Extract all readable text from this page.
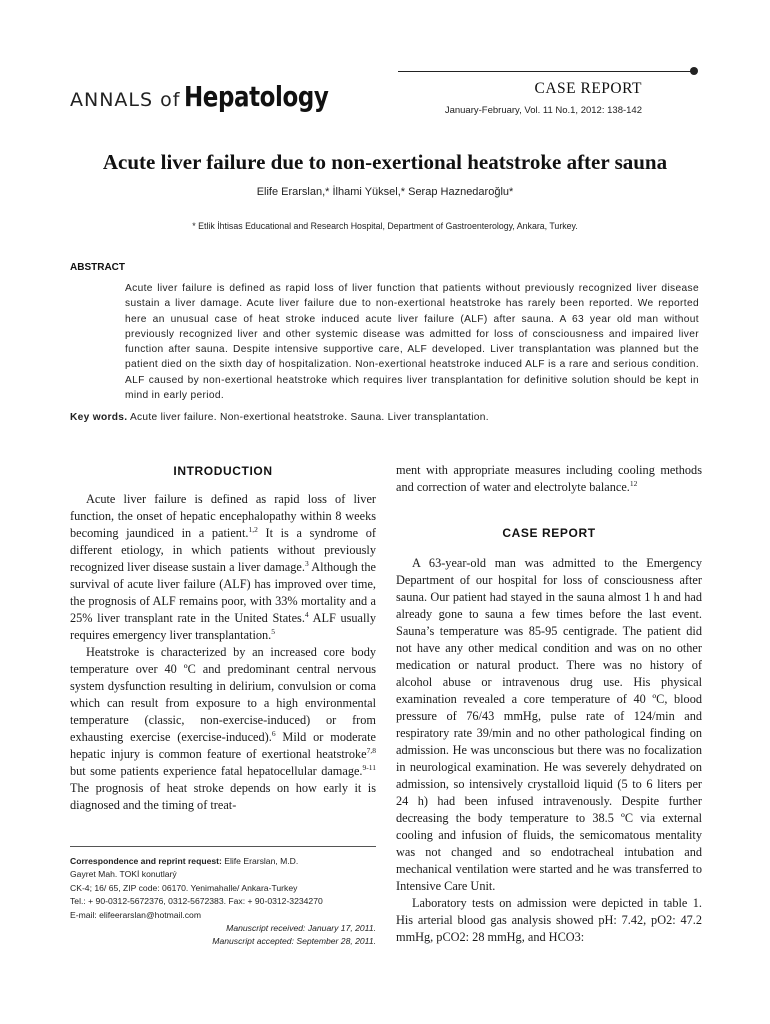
ANNALS of Hepatology	CASE REPORT
January-February, Vol. 11 No.1, 2012: 138-142
Acute liver failure due to non-exertional heatstroke after sauna
Elife Erarslan,* İlhami Yüksel,* Serap Haznedaroğlu*
* Etlik İhtisas Educational and Research Hospital, Department of Gastroenterology, Ankara, Turkey.
ABSTRACT

Acute liver failure is defined as rapid loss of liver function that patients without previously recognized liver disease sustain a liver damage. Acute liver failure due to non-exertional heatstroke has rarely been reported. We reported here an unusual case of heat stroke induced acute liver failure (ALF) after sauna. A 63 year old man without previously recognized liver and other systemic disease was admitted for loss of consciousness and impaired liver function after sauna. Despite intensive supportive care, ALF developed. Liver transplantation was planned but the patient died on the sixth day of hospitalization. Non-exertional heatstroke induced ALF is a rare and serious condition. ALF caused by non-exertional heatstroke which requires liver transplantation for definitive solution should be kept in mind in early period.

Key words. Acute liver failure. Non-exertional heatstroke. Sauna. Liver transplantation.
INTRODUCTION

Acute liver failure is defined as rapid loss of liver function, the onset of hepatic encephalopathy within 8 weeks becoming jaundiced in a patient.$^{1,2}$ It is a syndrome of different etiology, in which patients without previously recognized liver disease sustain a liver damage.$^3$ Although the survival of acute liver failure (ALF) has improved over time, the prognosis of ALF remains poor, with 33% mortality and a 25% liver transplant rate in the United States.$^4$ ALF usually requires emergency liver transplantation.$^5$

Heatstroke is characterized by an increased core body temperature over 40 ºC and predominant central nervous system dysfunction resulting in delirium, convulsion or coma which can result from exposure to a high environmental temperature (classic, non-exercise-induced) or from exhausting exercise (exercise-induced).$^6$ Mild or moderate hepatic injury is common feature of exertional heatstroke$^{7,8}$ but some patients experience fatal hepatocellular damage.$^{9-11}$ The prognosis of heat stroke depends on how early it is diagnosed and the timing of treat-

Correspondence and reprint request: Elife Erarslan, M.D.
Gayret Mah. TOKİ konutlarý
CK-4; 16/ 65, ZIP code: 06170. Yenimahalle/ Ankara-Turkey
Tel.: + 90-0312-5672376, 0312-5672383. Fax: + 90-0312-3234270
E-mail: elifeerarslan@hotmail.com
Manuscript received: January 17, 2011.
Manuscript accepted: September 28, 2011.

ment with appropriate measures including cooling methods and correction of water and electrolyte balance.$^{12}$

CASE REPORT

A 63-year-old man was admitted to the Emergency Department of our hospital for loss of consciousness after sauna. Our patient had stayed in the sauna almost 1 h and had already gone to sauna a few times before the last event. Sauna’s temperature was 85-95 centigrade. The patient did not have any other medical condition and was on no other medication or natural product. There was no history of alcohol abuse or intravenous drug use. His physical examination revealed a core temperature of 40 ºC, blood pressure of 76/43 mmHg, pulse rate of 124/min and respiratory rate 39/min and no other pathological finding on admission. He was unconscious but there was no focalization in neurological examination. He was severely dehydrated on admission, so intensively crystalloid liquid (5 to 6 liters per 24 h) had been infused intravenously. Despite further decreasing the body temperature to 38.5 ºC via external cooling and infusion of fluids, the semicomatous mentality was not changed and so endotracheal intubation and mechanical ventilation were started and he was transferred to Intensive Care Unit.

Laboratory tests on admission were depicted in table 1. His arterial blood gas analysis showed pH: 7.42, pO2: 47.2 mmHg, pCO2: 28 mmHg, and HCO3:
